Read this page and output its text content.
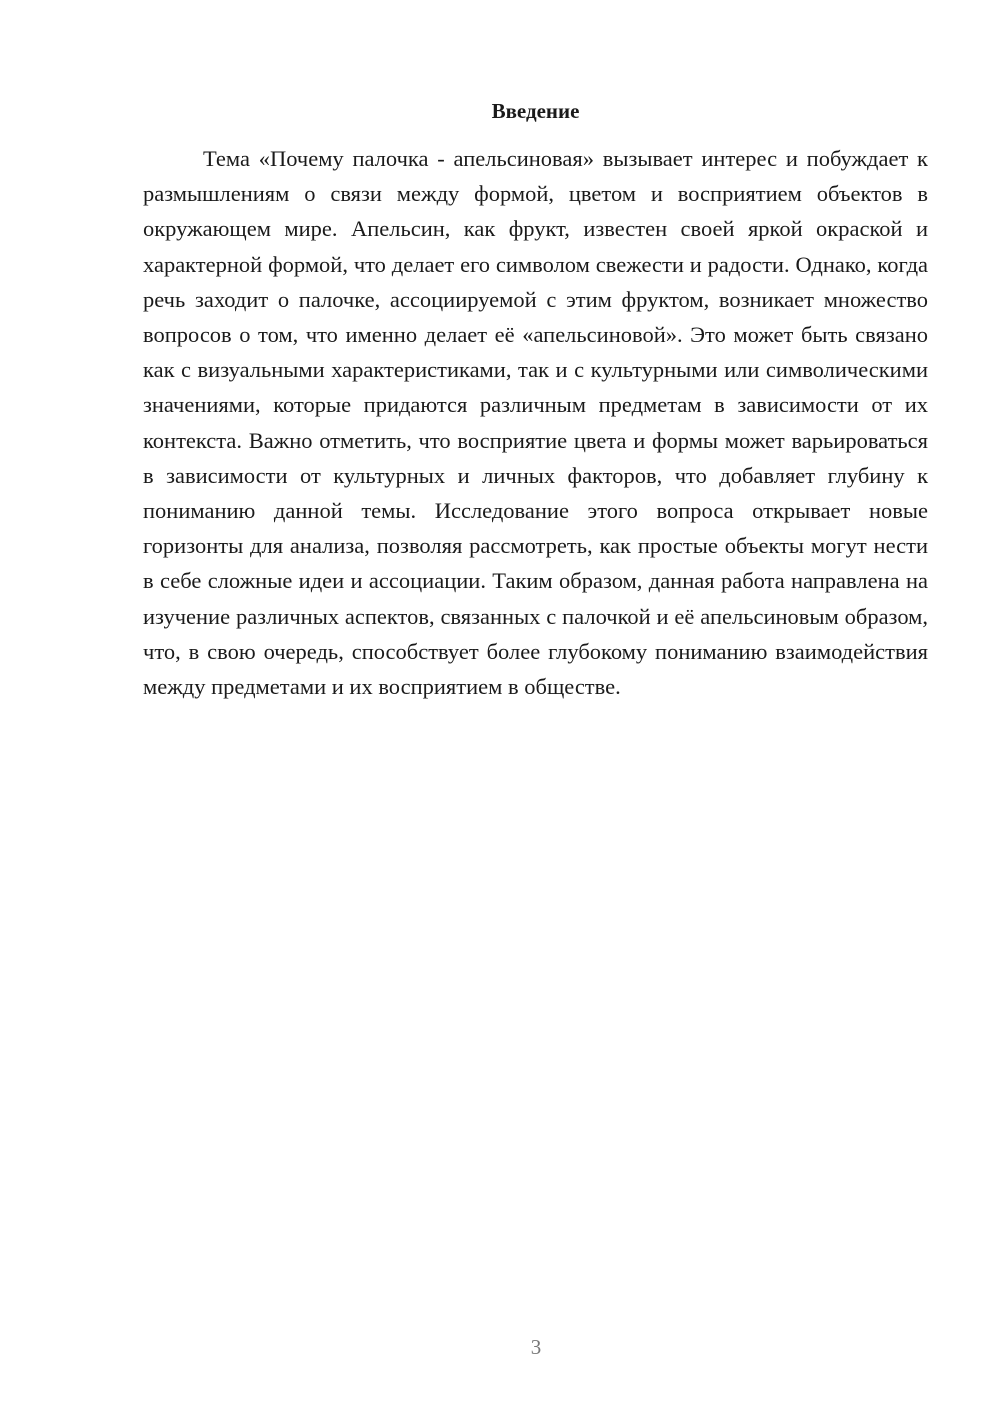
Введение

Тема «Почему палочка - апельсиновая» вызывает интерес и побуждает к размышлениям о связи между формой, цветом и восприятием объектов в окружающем мире. Апельсин, как фрукт, известен своей яркой окраской и характерной формой, что делает его символом свежести и радости. Однако, когда речь заходит о палочке, ассоциируемой с этим фруктом, возникает множество вопросов о том, что именно делает её «апельсиновой». Это может быть связано как с визуальными характеристиками, так и с культурными или символическими значениями, которые придаются различным предметам в зависимости от их контекста. Важно отметить, что восприятие цвета и формы может варьироваться в зависимости от культурных и личных факторов, что добавляет глубину к пониманию данной темы. Исследование этого вопроса открывает новые горизонты для анализа, позволяя рассмотреть, как простые объекты могут нести в себе сложные идеи и ассоциации. Таким образом, данная работа направлена на изучение различных аспектов, связанных с палочкой и её апельсиновым образом, что, в свою очередь, способствует более глубокому пониманию взаимодействия между предметами и их восприятием в обществе.

3
